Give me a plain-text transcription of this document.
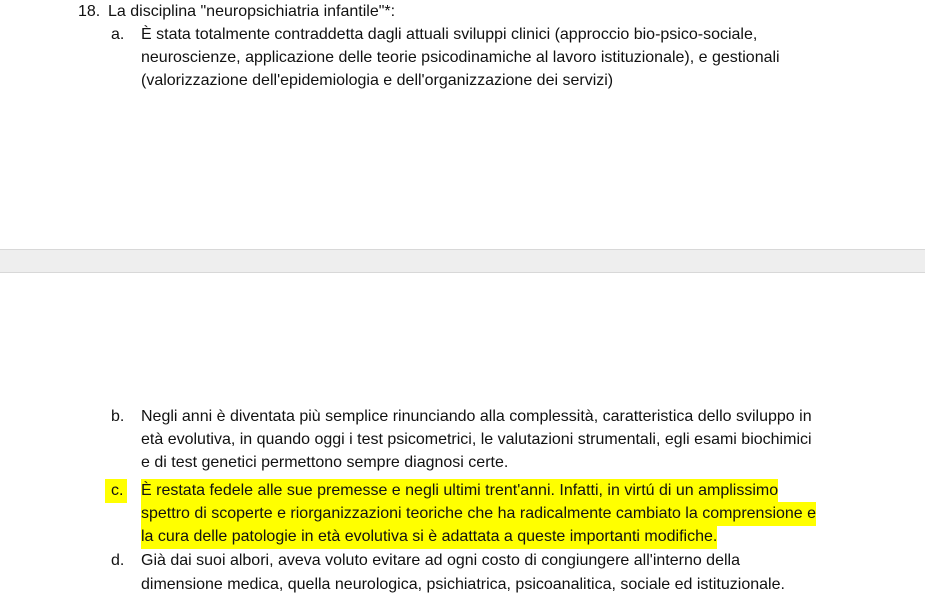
18. La disciplina "neuropsichiatria infantile"*:
a. È stata totalmente contraddetta dagli attuali sviluppi clinici (approccio bio-psico-sociale,
neuroscienze, applicazione delle teorie psicodinamiche al lavoro istituzionale), e gestionali
(valorizzazione dell'epidemiologia e dell'organizzazione dei servizi)
b. Negli anni è diventata più semplice rinunciando alla complessità, caratteristica dello sviluppo in
età evolutiva, in quando oggi i test psicometrici, le valutazioni strumentali, egli esami biochimici
e di test genetici permettono sempre diagnosi certe.
c. È restata fedele alle sue premesse e negli ultimi trent'anni. Infatti, in virtú di un amplissimo
spettro di scoperte e riorganizzazioni teoriche che ha radicalmente cambiato la comprensione e
la cura delle patologie in età evolutiva si è adattata a queste importanti modifiche.
d. Già dai suoi albori, aveva voluto evitare ad ogni costo di congiungere all'interno della
dimensione medica, quella neurologica, psichiatrica, psicoanalitica, sociale ed istituzionale.
